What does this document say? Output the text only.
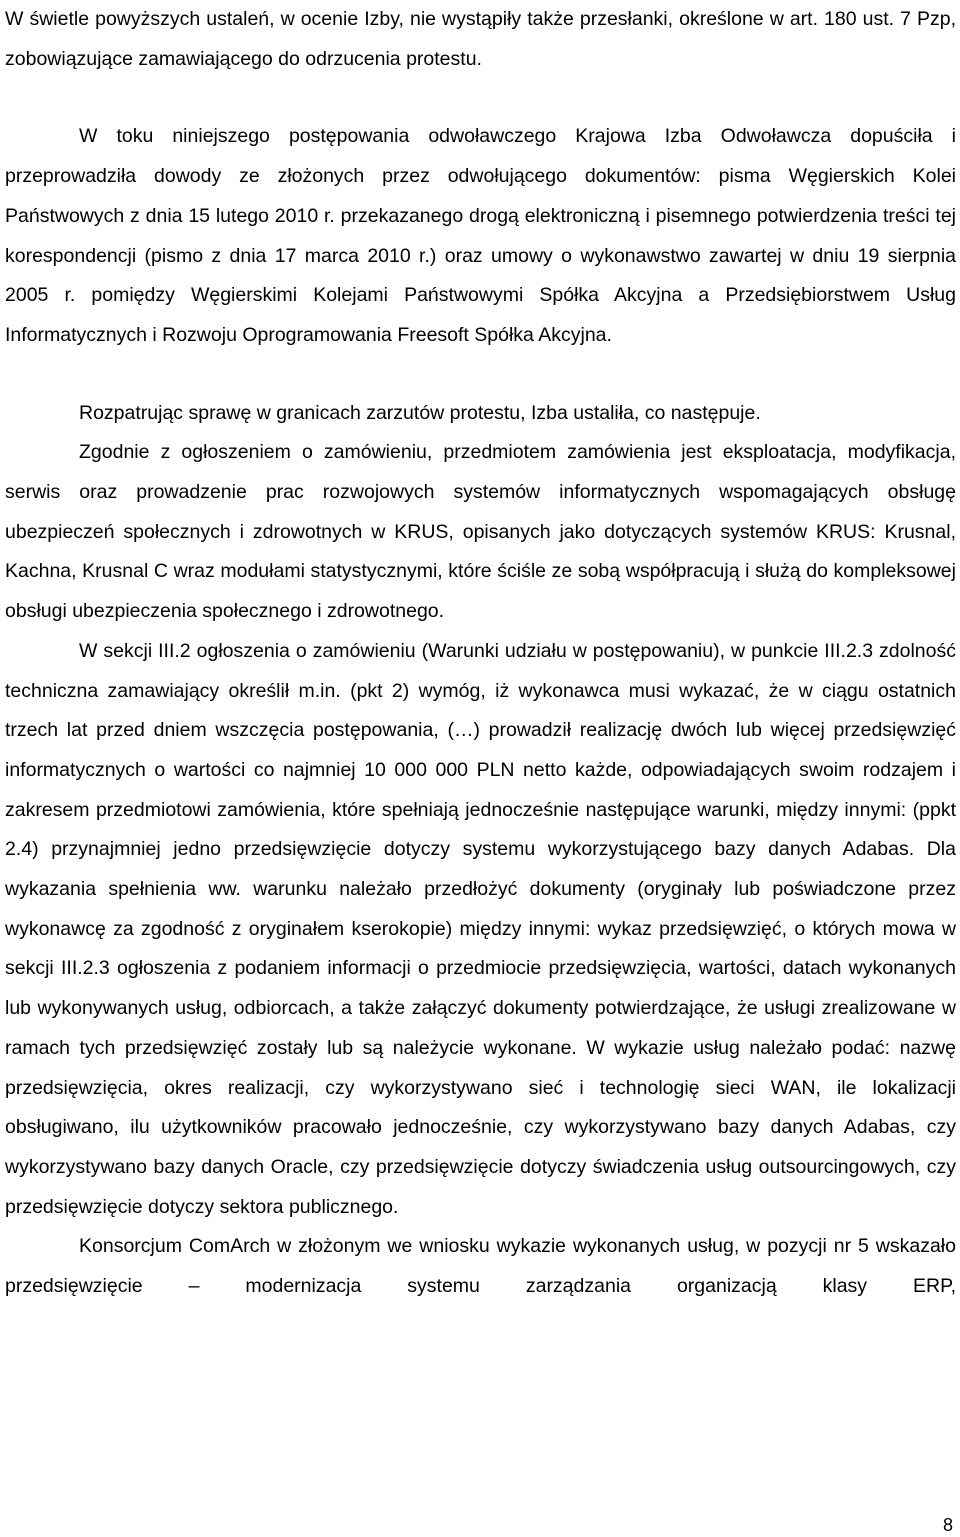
W świetle powyższych ustaleń, w ocenie Izby, nie wystąpiły także przesłanki, określone w art. 180 ust. 7 Pzp, zobowiązujące zamawiającego do odrzucenia protestu.

W toku niniejszego postępowania odwoławczego Krajowa Izba Odwoławcza dopuściła i przeprowadziła dowody ze złożonych przez odwołującego dokumentów: pisma Węgierskich Kolei Państwowych z dnia 15 lutego 2010 r. przekazanego drogą elektroniczną i pisemnego potwierdzenia treści tej korespondencji (pismo z dnia 17 marca 2010 r.) oraz umowy o wykonawstwo zawartej w dniu 19 sierpnia 2005 r. pomiędzy Węgierskimi Kolejami Państwowymi Spółka Akcyjna a Przedsiębiorstwem Usług Informatycznych i Rozwoju Oprogramowania Freesoft Spółka Akcyjna.

Rozpatrując sprawę w granicach zarzutów protestu, Izba ustaliła, co następuje.

Zgodnie z ogłoszeniem o zamówieniu, przedmiotem zamówienia jest eksploatacja, modyfikacja, serwis oraz prowadzenie prac rozwojowych systemów informatycznych wspomagających obsługę ubezpieczeń społecznych i zdrowotnych w KRUS, opisanych jako dotyczących systemów KRUS: Krusnal, Kachna, Krusnal C wraz modułami statystycznymi, które ściśle ze sobą współpracują i służą do kompleksowej obsługi ubezpieczenia społecznego i zdrowotnego.

W sekcji III.2 ogłoszenia o zamówieniu (Warunki udziału w postępowaniu), w punkcie III.2.3 zdolność techniczna zamawiający określił m.in. (pkt 2) wymóg, iż wykonawca musi wykazać, że w ciągu ostatnich trzech lat przed dniem wszczęcia postępowania, (…) prowadził realizację dwóch lub więcej przedsięwzięć informatycznych o wartości co najmniej 10 000 000 PLN netto każde, odpowiadających swoim rodzajem i zakresem przedmiotowi zamówienia, które spełniają jednocześnie następujące warunki, między innymi: (ppkt 2.4) przynajmniej jedno przedsięwzięcie dotyczy systemu wykorzystującego bazy danych Adabas. Dla wykazania spełnienia ww. warunku należało przedłożyć dokumenty (oryginały lub poświadczone przez wykonawcę za zgodność z oryginałem kserokopie) między innymi: wykaz przedsięwzięć, o których mowa w sekcji III.2.3 ogłoszenia z podaniem informacji o przedmiocie przedsięwzięcia, wartości, datach wykonanych lub wykonywanych usług, odbiorcach, a także załączyć dokumenty potwierdzające, że usługi zrealizowane w ramach tych przedsięwzięć zostały lub są należycie wykonane. W wykazie usług należało podać: nazwę przedsięwzięcia, okres realizacji, czy wykorzystywano sieć i technologię sieci WAN, ile lokalizacji obsługiwano, ilu użytkowników pracowało jednocześnie, czy wykorzystywano bazy danych Adabas, czy wykorzystywano bazy danych Oracle, czy przedsięwzięcie dotyczy świadczenia usług outsourcingowych, czy przedsięwzięcie dotyczy sektora publicznego.

Konsorcjum ComArch w złożonym we wniosku wykazie wykonanych usług, w pozycji nr 5 wskazało przedsięwzięcie – modernizacja systemu zarządzania organizacją klasy ERP,

8
